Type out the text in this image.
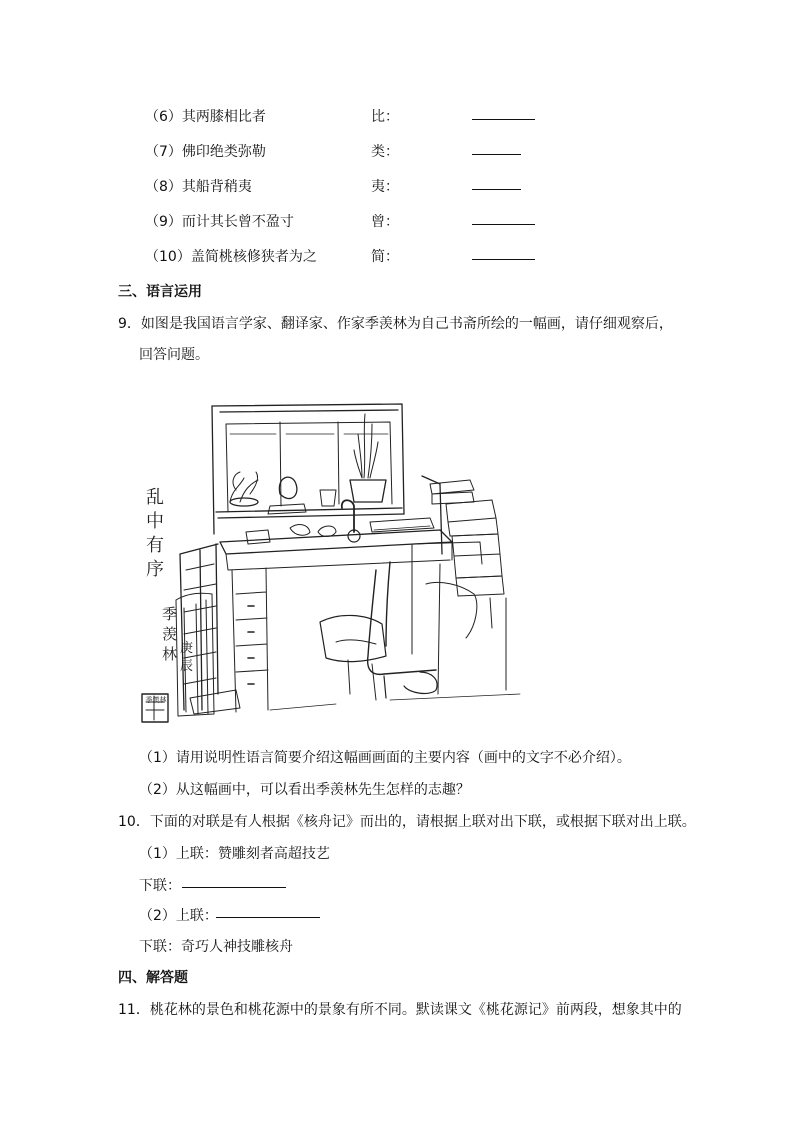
（6）其两膝相比者	比：
（7）佛印绝类弥勒	类：
（8）其船背稍夷	夷：
（9）而计其长曾不盈寸	曾：
（10）盖简桃核修狭者为之	简：
三、语言运用
9．如图是我国语言学家、翻译家、作家季羡林为自己书斋所绘的一幅画，请仔细观察后，
回答问题。
乱中有序
季羡林 庚辰
季羡林
（1）请用说明性语言简要介绍这幅画画面的主要内容（画中的文字不必介绍）。
（2）从这幅画中，可以看出季羡林先生怎样的志趣？
10．下面的对联是有人根据《核舟记》而出的，请根据上联对出下联，或根据下联对出上联。
（1）上联：赞雕刻者高超技艺
下联：
（2）上联：
下联：奇巧人神技雕核舟
四、解答题
11．桃花林的景色和桃花源中的景象有所不同。默读课文《桃花源记》前两段，想象其中的
